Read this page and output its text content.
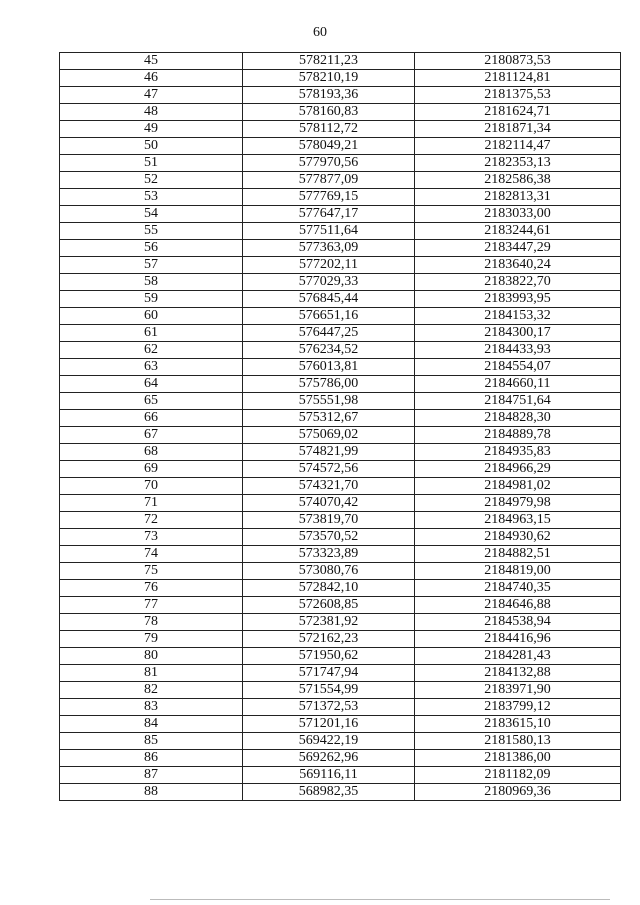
60
45	578211,23	2180873,53
46	578210,19	2181124,81
47	578193,36	2181375,53
48	578160,83	2181624,71
49	578112,72	2181871,34
50	578049,21	2182114,47
51	577970,56	2182353,13
52	577877,09	2182586,38
53	577769,15	2182813,31
54	577647,17	2183033,00
55	577511,64	2183244,61
56	577363,09	2183447,29
57	577202,11	2183640,24
58	577029,33	2183822,70
59	576845,44	2183993,95
60	576651,16	2184153,32
61	576447,25	2184300,17
62	576234,52	2184433,93
63	576013,81	2184554,07
64	575786,00	2184660,11
65	575551,98	2184751,64
66	575312,67	2184828,30
67	575069,02	2184889,78
68	574821,99	2184935,83
69	574572,56	2184966,29
70	574321,70	2184981,02
71	574070,42	2184979,98
72	573819,70	2184963,15
73	573570,52	2184930,62
74	573323,89	2184882,51
75	573080,76	2184819,00
76	572842,10	2184740,35
77	572608,85	2184646,88
78	572381,92	2184538,94
79	572162,23	2184416,96
80	571950,62	2184281,43
81	571747,94	2184132,88
82	571554,99	2183971,90
83	571372,53	2183799,12
84	571201,16	2183615,10
85	569422,19	2181580,13
86	569262,96	2181386,00
87	569116,11	2181182,09
88	568982,35	2180969,36
